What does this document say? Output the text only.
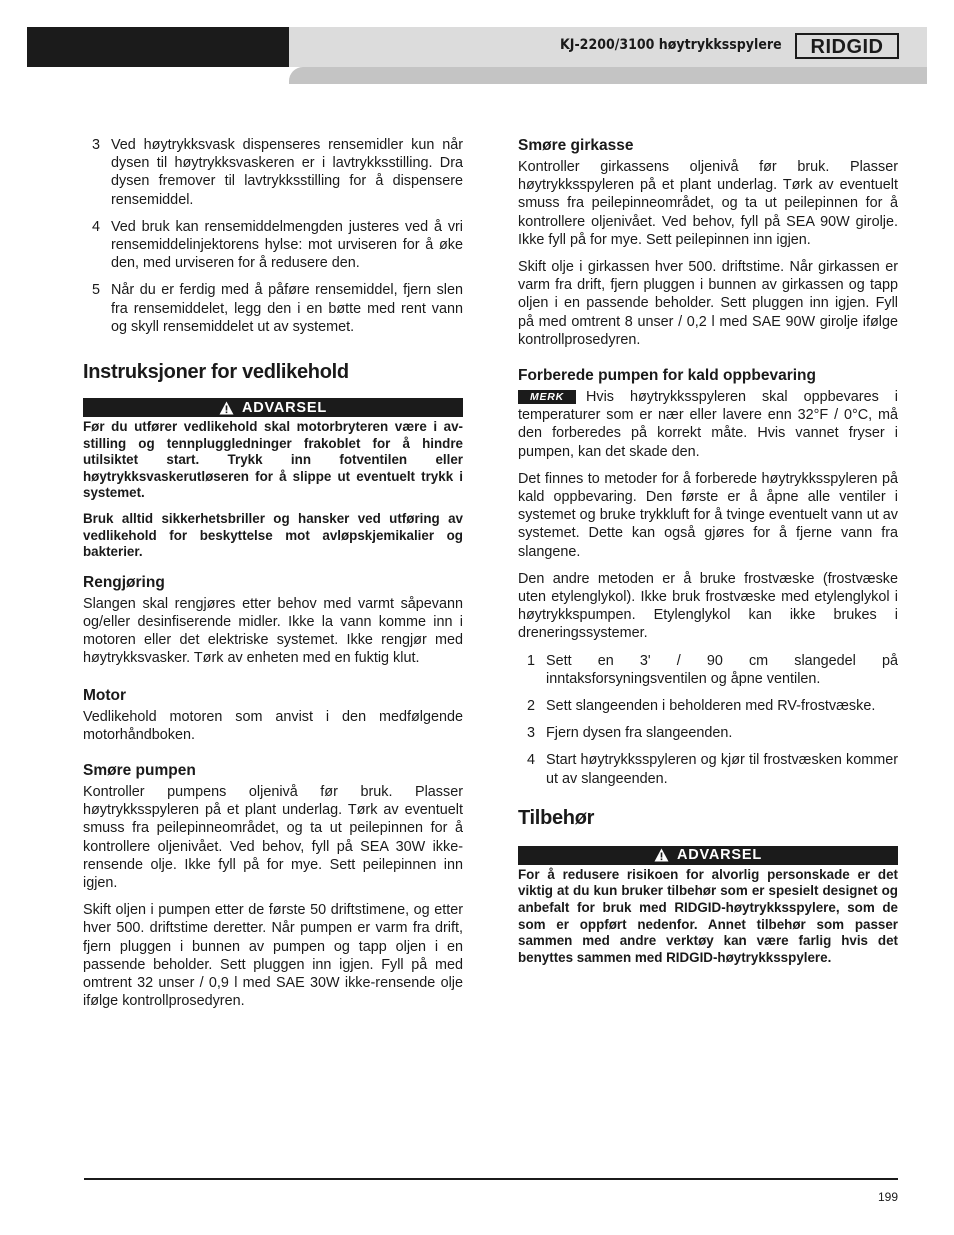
KJ-2200/3100 høytrykksspylere RIDGID
3 Ved høytrykksvask dispenseres rensemidler kun når dysen til høytrykksvaskeren er i lavtrykksstilling. Dra dysen fremover til lavtrykksstilling for å dispensere rensemiddel.
4 Ved bruk kan rensemiddelmengden justeres ved å vri rensemiddelinjektorens hylse: mot urviseren for å øke den, med urviseren for å redusere den.
5 Når du er ferdig med å påføre rensemiddel, fjern slen fra rensemiddelet, legg den i en bøtte med rent vann og skyll rensemiddelet ut av systemet.
Instruksjoner for vedlikehold
ADVARSEL

Før du utfører vedlikehold skal motorbryteren være i av-stilling og tennpluggledninger frakoblet for å hindre utilsiktet start. Trykk inn fotventilen eller høytrykksvaskerutløseren for å slippe ut eventuelt trykk i systemet.

Bruk alltid sikkerhetsbriller og hansker ved utføring av vedlikehold for beskyttelse mot avløpskjemikalier og bakterier.

Rengjøring

Slangen skal rengjøres etter behov med varmt såpevann og/eller desinfiserende midler. Ikke la vann komme inn i motoren eller det elektriske systemet. Ikke rengjør med høytrykksvasker. Tørk av enheten med en fuktig klut.

Motor

Vedlikehold motoren som anvist i den medfølgende motorhåndboken.

Smøre pumpen

Kontroller pumpens oljenivå før bruk. Plasser høytrykksspyleren på et plant underlag. Tørk av eventuelt smuss fra peilepinneområdet, og ta ut peilepinnen for å kontrollere oljenivået. Ved behov, fyll på SEA 30W ikke-rensende olje. Ikke fyll på for mye. Sett peilepinnen inn igjen.

Skift oljen i pumpen etter de første 50 driftstimene, og etter hver 500. driftstime deretter. Når pumpen er varm fra drift, fjern pluggen i bunnen av pumpen og tapp oljen i en passende beholder. Sett pluggen inn igjen. Fyll på med omtrent 32 unser / 0,9 l med SAE 30W ikke-rensende olje ifølge kontrollprosedyren.

Smøre girkasse

Kontroller girkassens oljenivå før bruk. Plasser høytrykksspyleren på et plant underlag. Tørk av eventuelt smuss fra peilepinneområdet, og ta ut peilepinnen for å kontrollere oljenivået. Ved behov, fyll på SEA 90W girolje. Ikke fyll på for mye. Sett peilepinnen inn igjen.

Skift olje i girkassen hver 500. driftstime. Når girkassen er varm fra drift, fjern pluggen i bunnen av girkassen og tapp oljen i en passende beholder. Sett pluggen inn igjen. Fyll på med omtrent 8 unser / 0,2 l med SAE 90W girolje ifølge kontrollprosedyren.

Forberede pumpen for kald oppbevaring

MERK Hvis høytrykksspyleren skal oppbevares i temperaturer som er nær eller lavere enn 32°F / 0°C, må den forberedes på korrekt måte. Hvis vannet fryser i pumpen, kan det skade den.

Det finnes to metoder for å forberede høytrykksspyleren på kald oppbevaring. Den første er å åpne alle ventiler i systemet og bruke trykkluft for å tvinge eventuelt vann ut av systemet. Dette kan også gjøres for å fjerne vann fra slangene.

Den andre metoden er å bruke frostvæske (frostvæske uten etylenglykol). Ikke bruk frostvæske med etylenglykol i høytrykkspumpen. Etylenglykol kan ikke brukes i dreneringssystemer.

1 Sett en 3' / 90 cm slangedel på inntaksforsyningsventilen og åpne ventilen.
2 Sett slangeenden i beholderen med RV-frostvæske.
3 Fjern dysen fra slangeenden.
4 Start høytrykksspyleren og kjør til frostvæsken kommer ut av slangeenden.
Tilbehør
ADVARSEL

For å redusere risikoen for alvorlig personskade er det viktig at du kun bruker tilbehør som er spesielt designet og anbefalt for bruk med RIDGID-høytrykksspylere, som de som er oppført nedenfor. Annet tilbehør som passer sammen med andre verktøy kan være farlig hvis det benyttes sammen med RIDGID-høytrykksspylere.

199
